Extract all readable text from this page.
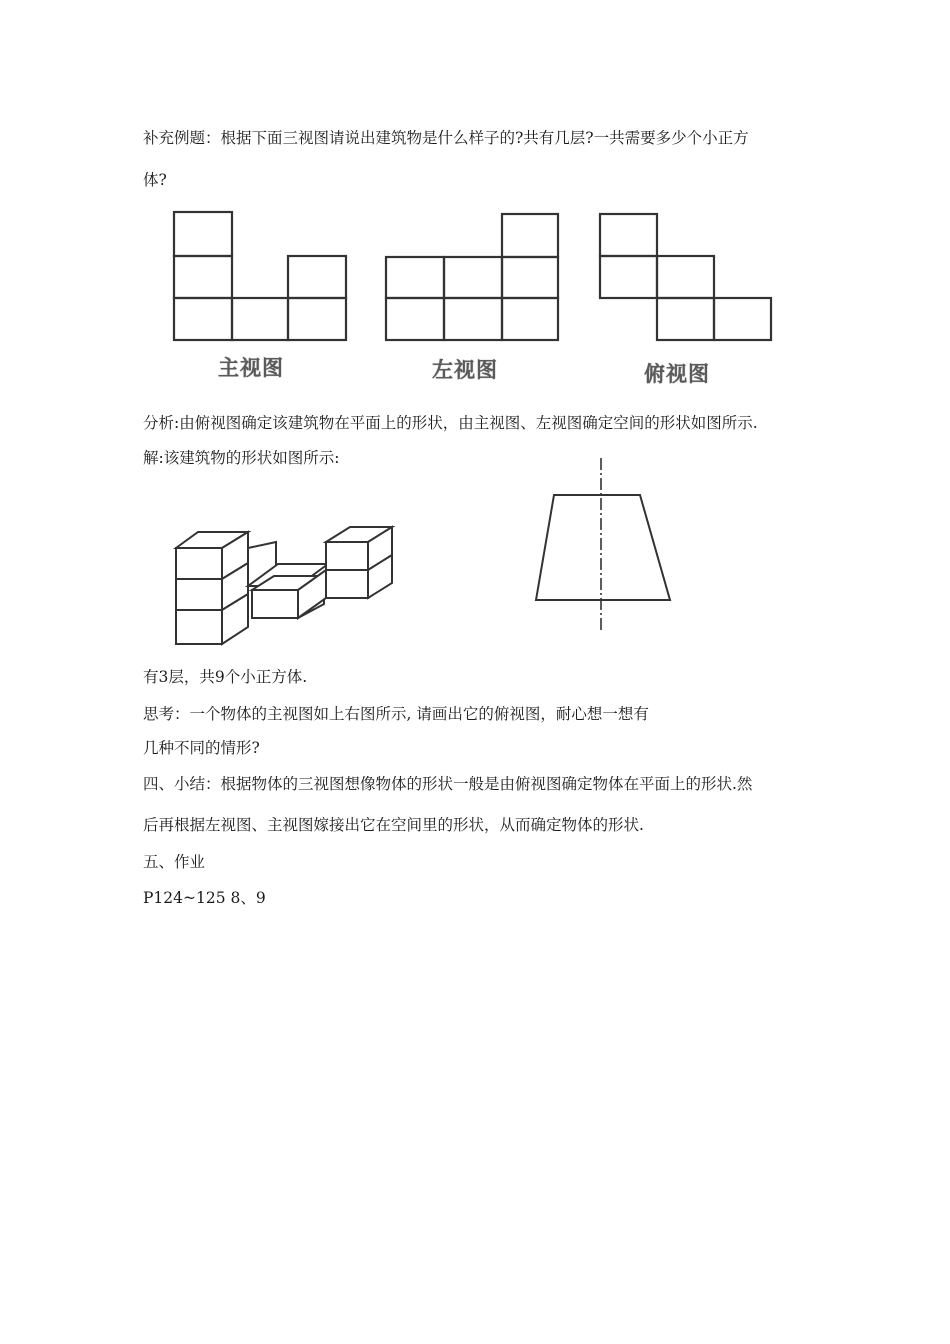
补充例题：根据下面三视图请说出建筑物是什么样子的?共有几层?一共需要多少个小正方
体?
主视图	左视图	俯视图
分析:由俯视图确定该建筑物在平面上的形状，由主视图、左视图确定空间的形状如图所示.
解:该建筑物的形状如图所示:
有3层，共9个小正方体.
思考：一个物体的主视图如上右图所示, 请画出它的俯视图，耐心想一想有
几种不同的情形?
四、小结：根据物体的三视图想像物体的形状一般是由俯视图确定物体在平面上的形状.然
后再根据左视图、主视图嫁接出它在空间里的形状，从而确定物体的形状.
五、作业
P124~125 8、9
